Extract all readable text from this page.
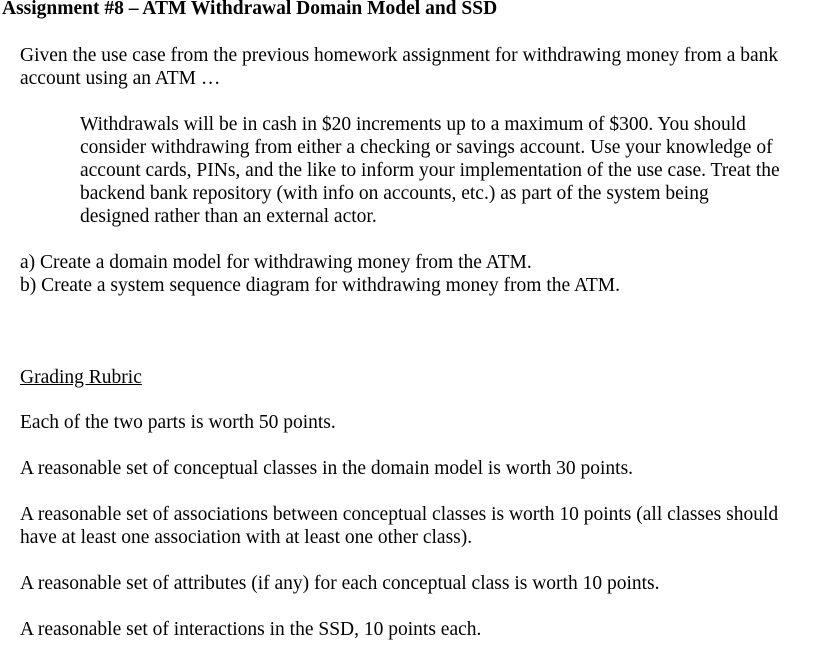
Assignment #8 – ATM Withdrawal Domain Model and SSD
Given the use case from the previous homework assignment for withdrawing money from a bank
account using an ATM …
Withdrawals will be in cash in $20 increments up to a maximum of $300. You should
consider withdrawing from either a checking or savings account. Use your knowledge of
account cards, PINs, and the like to inform your implementation of the use case. Treat the
backend bank repository (with info on accounts, etc.) as part of the system being
designed rather than an external actor.
a) Create a domain model for withdrawing money from the ATM.
b) Create a system sequence diagram for withdrawing money from the ATM.
Grading Rubric
Each of the two parts is worth 50 points.
A reasonable set of conceptual classes in the domain model is worth 30 points.
A reasonable set of associations between conceptual classes is worth 10 points (all classes should
have at least one association with at least one other class).
A reasonable set of attributes (if any) for each conceptual class is worth 10 points.
A reasonable set of interactions in the SSD, 10 points each.
